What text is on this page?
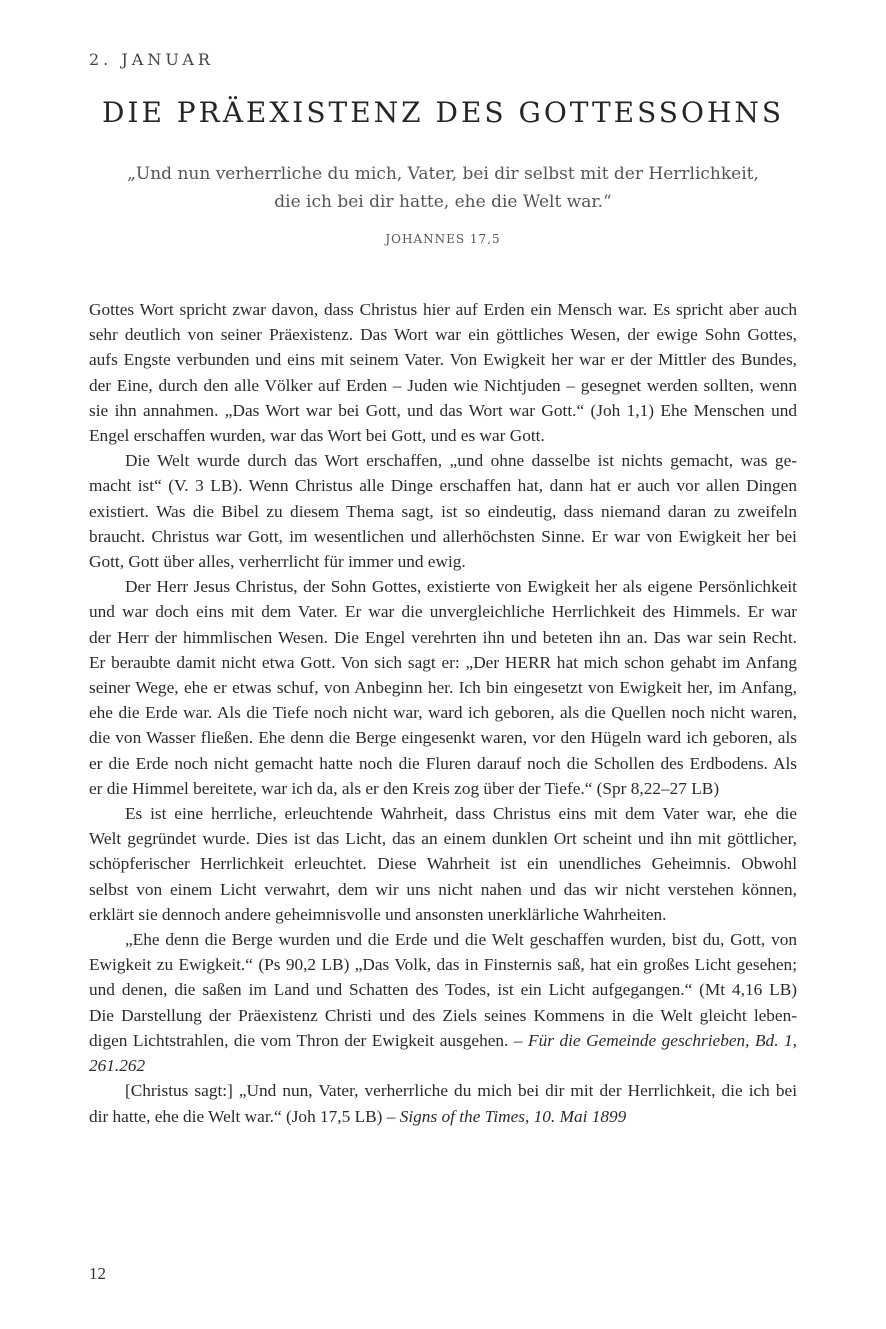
2. JANUAR
DIE PRÄEXISTENZ DES GOTTESSOHNS
„Und nun verherrliche du mich, Vater, bei dir selbst mit der Herrlichkeit,
die ich bei dir hatte, ehe die Welt war.“
JOHANNES 17,5

Gottes Wort spricht zwar davon, dass Christus hier auf Erden ein Mensch war. Es spricht aber auch
sehr deutlich von seiner Präexistenz. Das Wort war ein göttliches Wesen, der ewige Sohn Gottes,
aufs Engste verbunden und eins mit seinem Vater. Von Ewigkeit her war er der Mittler des Bundes,
der Eine, durch den alle Völker auf Erden – Juden wie Nichtjuden – gesegnet werden sollten, wenn
sie ihn annahmen. „Das Wort war bei Gott, und das Wort war Gott.“ (Joh 1,1) Ehe Menschen und
Engel erschaffen wurden, war das Wort bei Gott, und es war Gott.

Die Welt wurde durch das Wort erschaffen, „und ohne dasselbe ist nichts gemacht, was ge-
macht ist“ (V. 3 LB). Wenn Christus alle Dinge erschaffen hat, dann hat er auch vor allen Dingen
existiert. Was die Bibel zu diesem Thema sagt, ist so eindeutig, dass niemand daran zu zweifeln
braucht. Christus war Gott, im wesentlichen und allerhöchsten Sinne. Er war von Ewigkeit her bei
Gott, Gott über alles, verherrlicht für immer und ewig.

Der Herr Jesus Christus, der Sohn Gottes, existierte von Ewigkeit her als eigene Persönlichkeit
und war doch eins mit dem Vater. Er war die unvergleichliche Herrlichkeit des Himmels. Er war
der Herr der himmlischen Wesen. Die Engel verehrten ihn und beteten ihn an. Das war sein Recht.
Er beraubte damit nicht etwa Gott. Von sich sagt er: „Der HERR hat mich schon gehabt im Anfang
seiner Wege, ehe er etwas schuf, von Anbeginn her. Ich bin eingesetzt von Ewigkeit her, im Anfang,
ehe die Erde war. Als die Tiefe noch nicht war, ward ich geboren, als die Quellen noch nicht waren,
die von Wasser fließen. Ehe denn die Berge eingesenkt waren, vor den Hügeln ward ich geboren, als
er die Erde noch nicht gemacht hatte noch die Fluren darauf noch die Schollen des Erdbodens. Als
er die Himmel bereitete, war ich da, als er den Kreis zog über der Tiefe.“ (Spr 8,22–27 LB)

Es ist eine herrliche, erleuchtende Wahrheit, dass Christus eins mit dem Vater war, ehe die
Welt gegründet wurde. Dies ist das Licht, das an einem dunklen Ort scheint und ihn mit göttlicher,
schöpferischer Herrlichkeit erleuchtet. Diese Wahrheit ist ein unendliches Geheimnis. Obwohl
selbst von einem Licht verwahrt, dem wir uns nicht nahen und das wir nicht verstehen können,
erklärt sie dennoch andere geheimnisvolle und ansonsten unerklärliche Wahrheiten.

„Ehe denn die Berge wurden und die Erde und die Welt geschaffen wurden, bist du, Gott, von
Ewigkeit zu Ewigkeit.“ (Ps 90,2 LB) „Das Volk, das in Finsternis saß, hat ein großes Licht gesehen;
und denen, die saßen im Land und Schatten des Todes, ist ein Licht aufgegangen.“ (Mt 4,16 LB)
Die Darstellung der Präexistenz Christi und des Ziels seines Kommens in die Welt gleicht leben-
digen Lichtstrahlen, die vom Thron der Ewigkeit ausgehen. – Für die Gemeinde geschrieben, Bd. 1,
261.262

[Christus sagt:] „Und nun, Vater, verherrliche du mich bei dir mit der Herrlichkeit, die ich bei
dir hatte, ehe die Welt war.“ (Joh 17,5 LB) – Signs of the Times, 10. Mai 1899

12
